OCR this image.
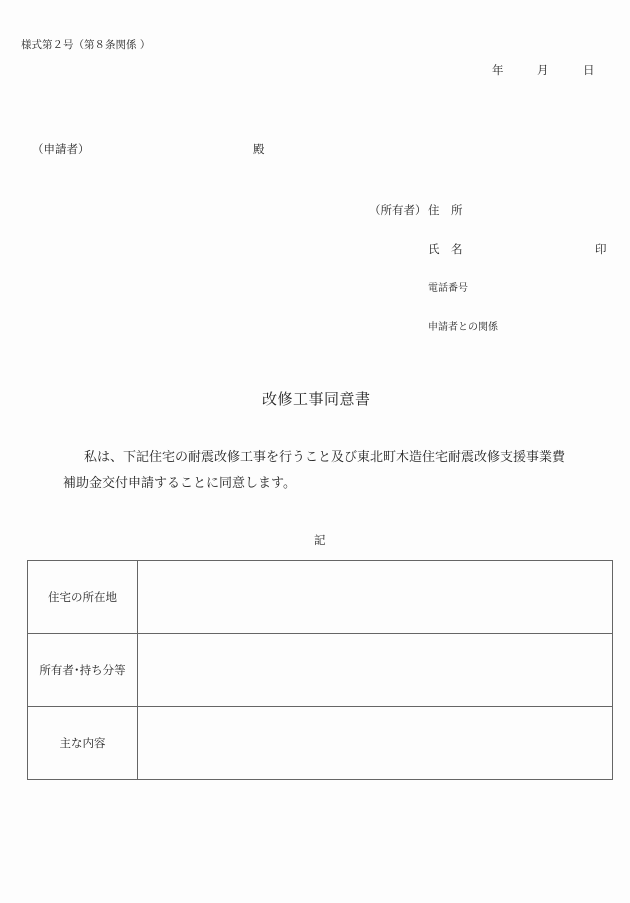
様式第２号（第８条関係 ）
年	月	日
（申請者）	殿
（所有者） 住　所
氏　名	印
電話番号
申請者との関係
改修工事同意書
私は、下記住宅の耐震改修工事を行うこと及び東北町木造住宅耐震改修支援事業費
補助金交付申請することに同意します。
記
住宅の所在地	
所有者･持ち分等	
主な内容	
